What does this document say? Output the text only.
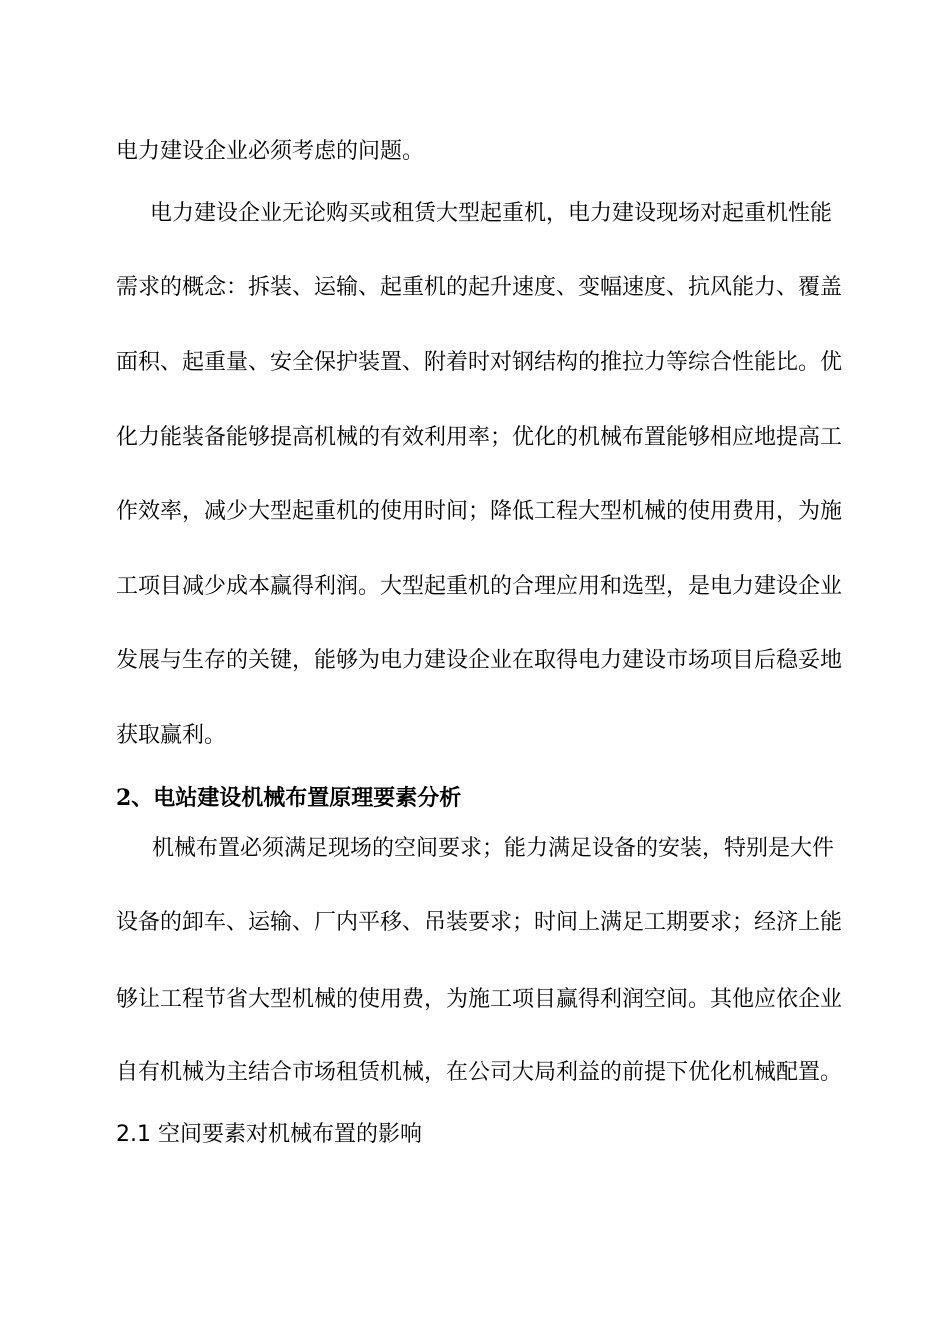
电力建设企业必须考虑的问题。
电力建设企业无论购买或租赁大型起重机，电力建设现场对起重机性能
需求的概念：拆装、运输、起重机的起升速度、变幅速度、抗风能力、覆盖
面积、起重量、安全保护装置、附着时对钢结构的推拉力等综合性能比。优
化力能装备能够提高机械的有效利用率；优化的机械布置能够相应地提高工
作效率，减少大型起重机的使用时间；降低工程大型机械的使用费用，为施
工项目减少成本赢得利润。大型起重机的合理应用和选型，是电力建设企业
发展与生存的关键，能够为电力建设企业在取得电力建设市场项目后稳妥地
获取赢利。
2、电站建设机械布置原理要素分析
机械布置必须满足现场的空间要求；能力满足设备的安装，特别是大件
设备的卸车、运输、厂内平移、吊装要求；时间上满足工期要求；经济上能
够让工程节省大型机械的使用费，为施工项目赢得利润空间。其他应依企业
自有机械为主结合市场租赁机械，在公司大局利益的前提下优化机械配置。
2.1 空间要素对机械布置的影响
